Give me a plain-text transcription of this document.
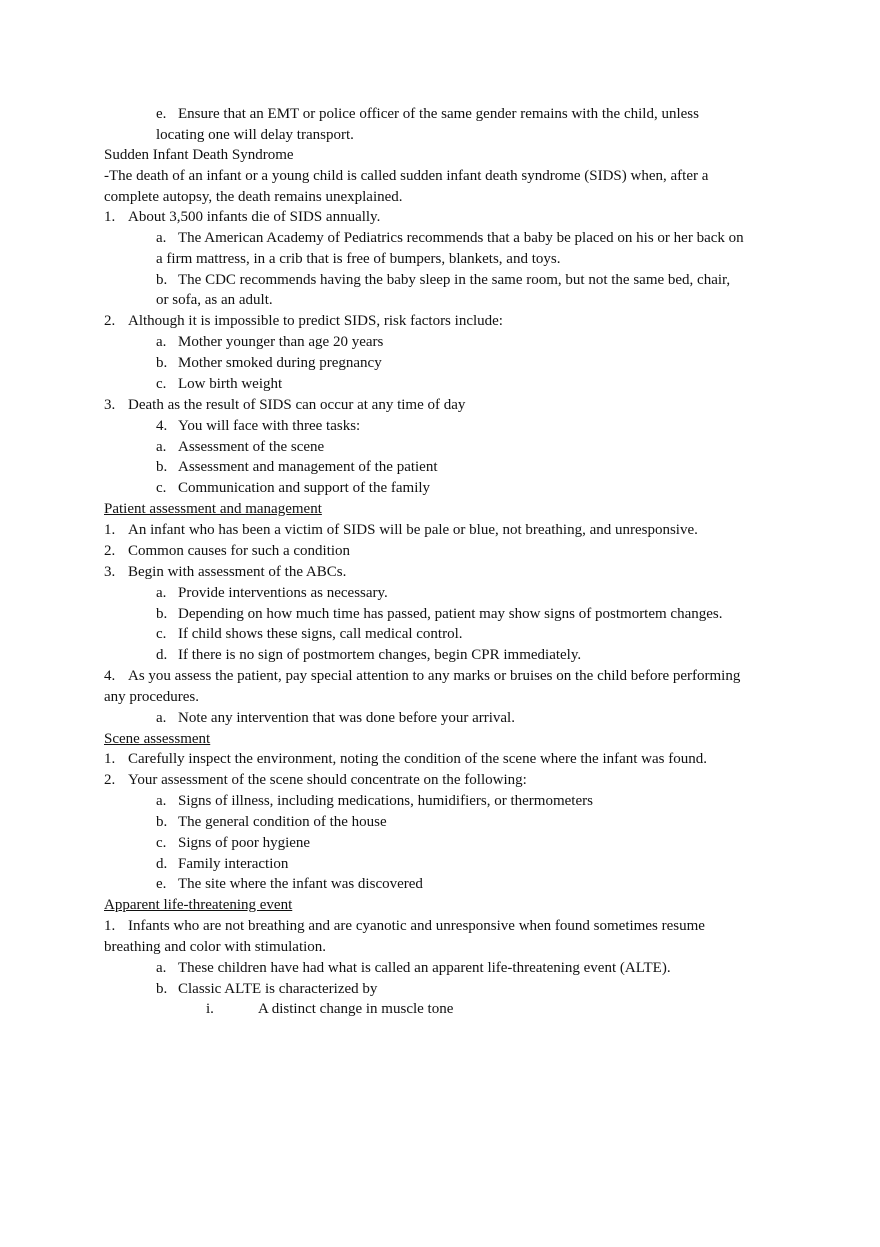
e. Ensure that an EMT or police officer of the same gender remains with the child, unless
locating one will delay transport.
Sudden Infant Death Syndrome
-The death of an infant or a young child is called sudden infant death syndrome (SIDS) when, after a
complete autopsy, the death remains unexplained.
1. About 3,500 infants die of SIDS annually.
a. The American Academy of Pediatrics recommends that a baby be placed on his or her back on
a firm mattress, in a crib that is free of bumpers, blankets, and toys.
b. The CDC recommends having the baby sleep in the same room, but not the same bed, chair,
or sofa, as an adult.
2. Although it is impossible to predict SIDS, risk factors include:
a. Mother younger than age 20 years
b. Mother smoked during pregnancy
c. Low birth weight
3. Death as the result of SIDS can occur at any time of day
4. You will face with three tasks:
a. Assessment of the scene
b. Assessment and management of the patient
c. Communication and support of the family
Patient assessment and management
1. An infant who has been a victim of SIDS will be pale or blue, not breathing, and unresponsive.
2. Common causes for such a condition
3. Begin with assessment of the ABCs.
a. Provide interventions as necessary.
b. Depending on how much time has passed, patient may show signs of postmortem changes.
c. If child shows these signs, call medical control.
d. If there is no sign of postmortem changes, begin CPR immediately.
4. As you assess the patient, pay special attention to any marks or bruises on the child before performing
any procedures.
a. Note any intervention that was done before your arrival.
Scene assessment
1. Carefully inspect the environment, noting the condition of the scene where the infant was found.
2. Your assessment of the scene should concentrate on the following:
a. Signs of illness, including medications, humidifiers, or thermometers
b. The general condition of the house
c. Signs of poor hygiene
d. Family interaction
e. The site where the infant was discovered
Apparent life-threatening event
1. Infants who are not breathing and are cyanotic and unresponsive when found sometimes resume
breathing and color with stimulation.
a. These children have had what is called an apparent life-threatening event (ALTE).
b. Classic ALTE is characterized by
i.	A distinct change in muscle tone
